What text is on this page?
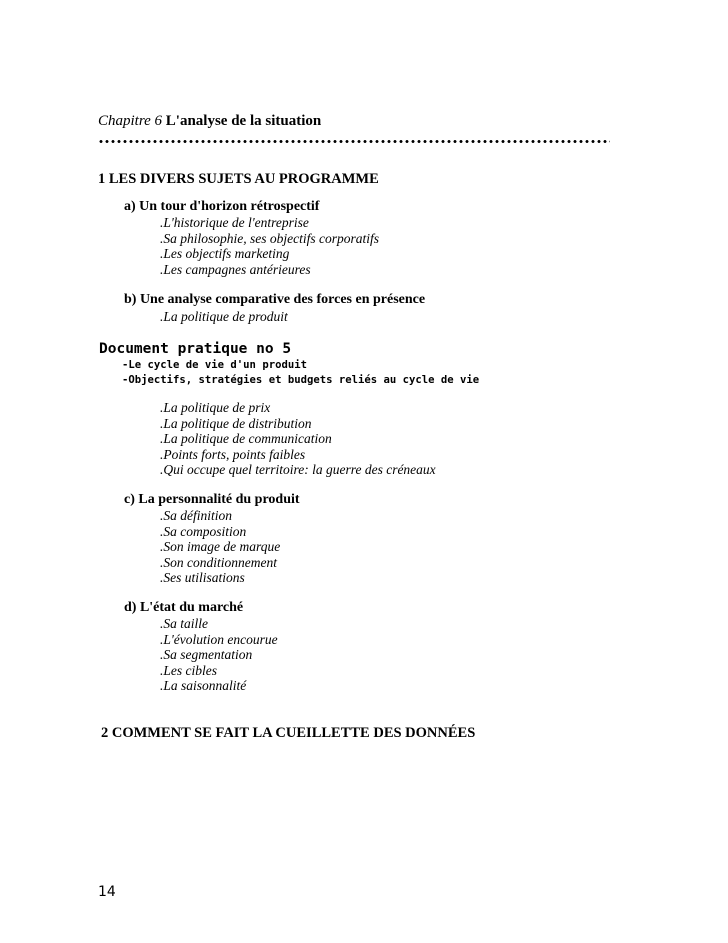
Chapitre 6 L'analyse de la situation
1 LES DIVERS SUJETS AU PROGRAMME
a) Un tour d'horizon rétrospectif
.L'historique de l'entreprise
.Sa philosophie, ses objectifs corporatifs
.Les objectifs marketing
.Les campagnes antérieures
b) Une analyse comparative des forces en présence
.La politique de produit
Document pratique no 5
-Le cycle de vie d'un produit
-Objectifs, stratégies et budgets reliés au cycle de vie
.La politique de prix
.La politique de distribution
.La politique de communication
.Points forts, points faibles
.Qui occupe quel territoire: la guerre des créneaux
c) La personnalité du produit
.Sa définition
.Sa composition
.Son image de marque
.Son conditionnement
.Ses utilisations
d) L'état du marché
.Sa taille
.L'évolution encourue
.Sa segmentation
.Les cibles
.La saisonnalité
2 COMMENT SE FAIT LA CUEILLETTE DES DONNÉES
14
